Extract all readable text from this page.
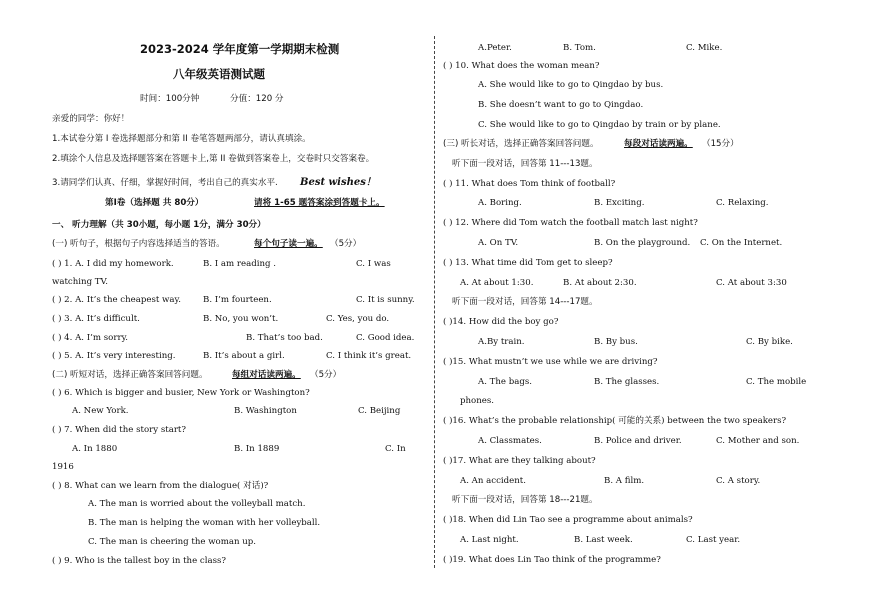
2023-2024 学年度第一学期期末检测
八年级英语测试题
时间：100分钟	分值：120 分
亲爱的同学：你好！
1.本试卷分第 I 卷选择题部分和第 II 卷笔答题两部分，请认真填涂。
2.填涂个人信息及选择题答案在答题卡上,第 II 卷做到答案卷上，交卷时只交答案卷。
3.请同学们认真、仔细，掌握好时间，考出自己的真实水平. Best wishes！
第Ⅰ卷（选择题 共 80分）	请将 1-65 题答案涂到答题卡上。
一、 听力理解（共 30小题，每小题 1分，满分 30分）
(一) 听句子，根据句子内容选择适当的答语。	每个句子读一遍。 （5分）
( ) 1. A. I did my homework.	B. I am reading .	C. I was
watching TV.
( ) 2. A. It’s the cheapest way.	B. I’m fourteen.	C. It is sunny.
( ) 3. A. It’s difficult.	B. No, you won’t.	C. Yes, you do.
( ) 4. A. I’m sorry.	B. That’s too bad.	C. Good idea.
( ) 5. A. It’s very interesting.	B. It’s about a girl.	C. I think it’s great.
(二) 听短对话，选择正确答案回答问题。	每组对话读两遍。 （5分）
( ) 6. Which is bigger and busier, New York or Washington?
A. New York.	B. Washington	C. Beijing
( ) 7. When did the story start?
A. In 1880	B. In 1889	C. In
1916
( ) 8. What can we learn from the dialogue( 对话)?
A. The man is worried about the volleyball match.
B. The man is helping the woman with her volleyball.
C. The man is cheering the woman up.
( ) 9. Who is the tallest boy in the class?
A.Peter.	B. Tom.	C. Mike.
( ) 10. What does the woman mean?
A. She would like to go to Qingdao by bus.
B. She doesn’t want to go to Qingdao.
C. She would like to go to Qingdao by train or by plane.
(三) 听长对话，选择正确答案回答问题。	每段对话读两遍。 （15分）
听下面一段对话，回答第 11---13题。
( ) 11. What does Tom think of football?
A. Boring.	B. Exciting.	C. Relaxing.
( ) 12. Where did Tom watch the football match last night?
A. On TV.	B. On the playground. C. On the Internet.
( ) 13. What time did Tom get to sleep?
A. At about 1:30.	B. At about 2:30.	C. At about 3:30
听下面一段对话，回答第 14---17题。
( )14. How did the boy go?
A.By train.	B. By bus.	C. By bike.
( )15. What mustn’t we use while we are driving?
A. The bags.	B. The glasses.	C. The mobile
phones.
( )16. What’s the probable relationship( 可能的关系) between the two speakers?
A. Classmates.	B. Police and driver.	C. Mother and son.
( )17. What are they talking about?
A. An accident.	B. A film.	C. A story.
听下面一段对话，回答第 18---21题。
( )18. When did Lin Tao see a programme about animals?
A. Last night.	B. Last week.	C. Last year.
( )19. What does Lin Tao think of the programme?
